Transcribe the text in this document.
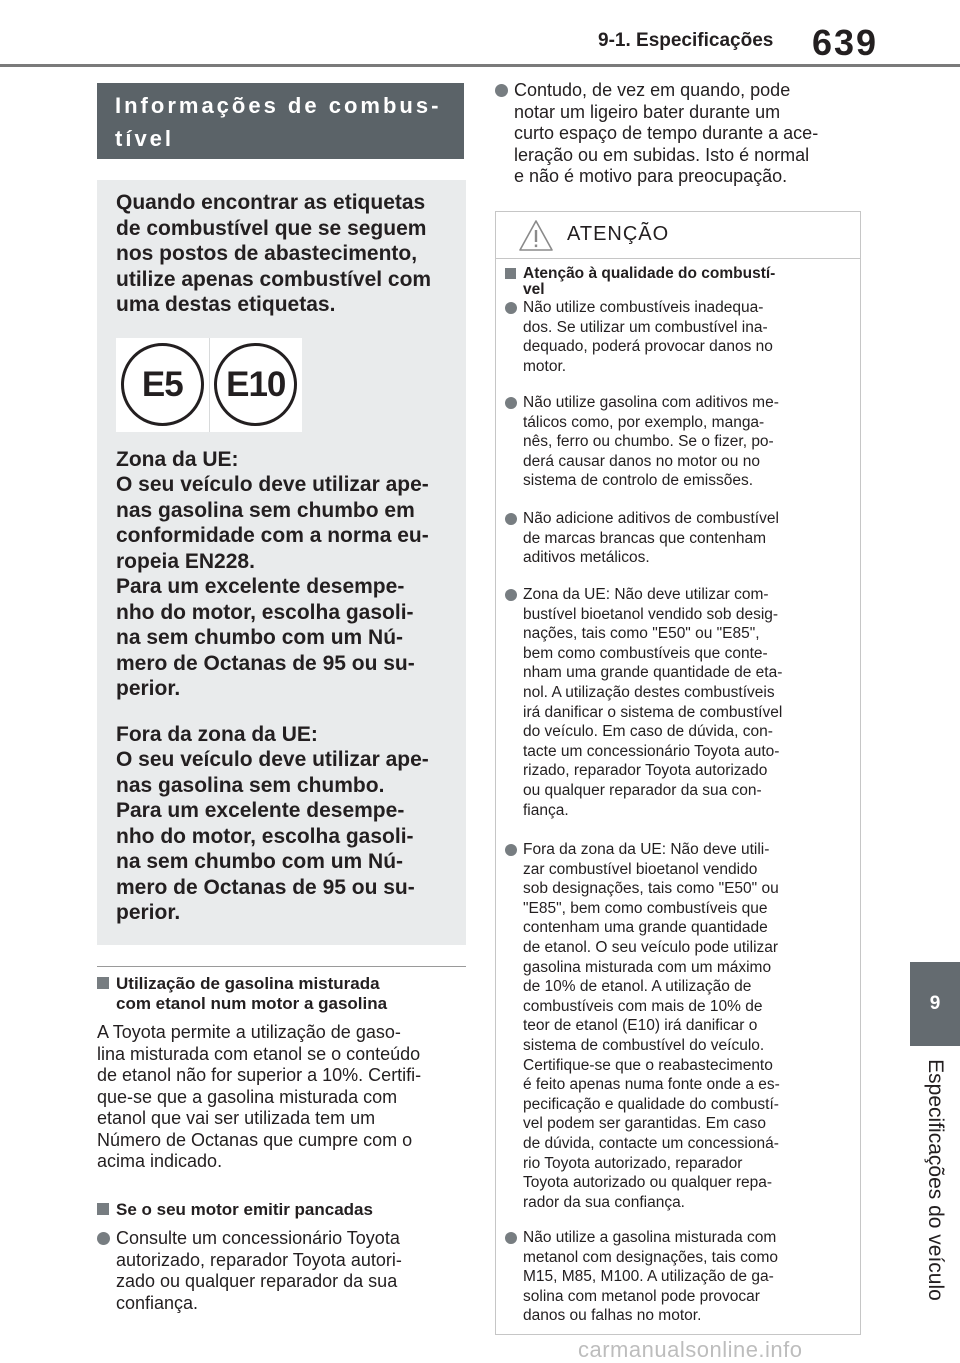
9-1. Especificações 639
9
Especificações do veículo
Informações de combus-
tível

Quando encontrar as etiquetas
de combustível que se seguem
nos postos de abastecimento,
utilize apenas combustível com
uma destas etiquetas.

E5	E10

Zona da UE:
O seu veículo deve utilizar ape-
nas gasolina sem chumbo em
conformidade com a norma eu-
ropeia EN228.
Para um excelente desempe-
nho do motor, escolha gasoli-
na sem chumbo com um Nú-
mero de Octanas de 95 ou su-
perior.

Fora da zona da UE:
O seu veículo deve utilizar ape-
nas gasolina sem chumbo.
Para um excelente desempe-
nho do motor, escolha gasoli-
na sem chumbo com um Nú-
mero de Octanas de 95 ou su-
perior.

Utilização de gasolina misturada
com etanol num motor a gasolina
A Toyota permite a utilização de gaso-
lina misturada com etanol se o conteúdo
de etanol não for superior a 10%. Certifi-
que-se que a gasolina misturada com
etanol que vai ser utilizada tem um
Número de Octanas que cumpre com o
acima indicado.
Se o seu motor emitir pancadas
Consulte um concessionário Toyota
autorizado, reparador Toyota autori-
zado ou qualquer reparador da sua
confiança.
Contudo, de vez em quando, pode
notar um ligeiro bater durante um
curto espaço de tempo durante a ace-
leração ou em subidas. Isto é normal
e não é motivo para preocupação.
ATENÇÃO
Atenção à qualidade do combustí-
vel
Não utilize combustíveis inadequa-
dos. Se utilizar um combustível ina-
dequado, poderá provocar danos no
motor.
Não utilize gasolina com aditivos me-
tálicos como, por exemplo, manga-
nês, ferro ou chumbo. Se o fizer, po-
derá causar danos no motor ou no
sistema de controlo de emissões.
Não adicione aditivos de combustível
de marcas brancas que contenham
aditivos metálicos.
Zona da UE: Não deve utilizar com-
bustível bioetanol vendido sob desig-
nações, tais como "E50" ou "E85",
bem como combustíveis que conte-
nham uma grande quantidade de eta-
nol. A utilização destes combustíveis
irá danificar o sistema de combustível
do veículo. Em caso de dúvida, con-
tacte um concessionário Toyota auto-
rizado, reparador Toyota autorizado
ou qualquer reparador da sua con-
fiança.
Fora da zona da UE: Não deve utili-
zar combustível bioetanol vendido
sob designações, tais como "E50" ou
"E85", bem como combustíveis que
contenham uma grande quantidade
de etanol. O seu veículo pode utilizar
gasolina misturada com um máximo
de 10% de etanol. A utilização de
combustíveis com mais de 10% de
teor de etanol (E10) irá danificar o
sistema de combustível do veículo.
Certifique-se que o reabastecimento
é feito apenas numa fonte onde a es-
pecificação e qualidade do combustí-
vel podem ser garantidas. Em caso
de dúvida, contacte um concessioná-
rio Toyota autorizado, reparador
Toyota autorizado ou qualquer repa-
rador da sua confiança.
Não utilize a gasolina misturada com
metanol com designações, tais como
M15, M85, M100. A utilização de ga-
solina com metanol pode provocar
danos ou falhas no motor.
carmanualsonline.info
